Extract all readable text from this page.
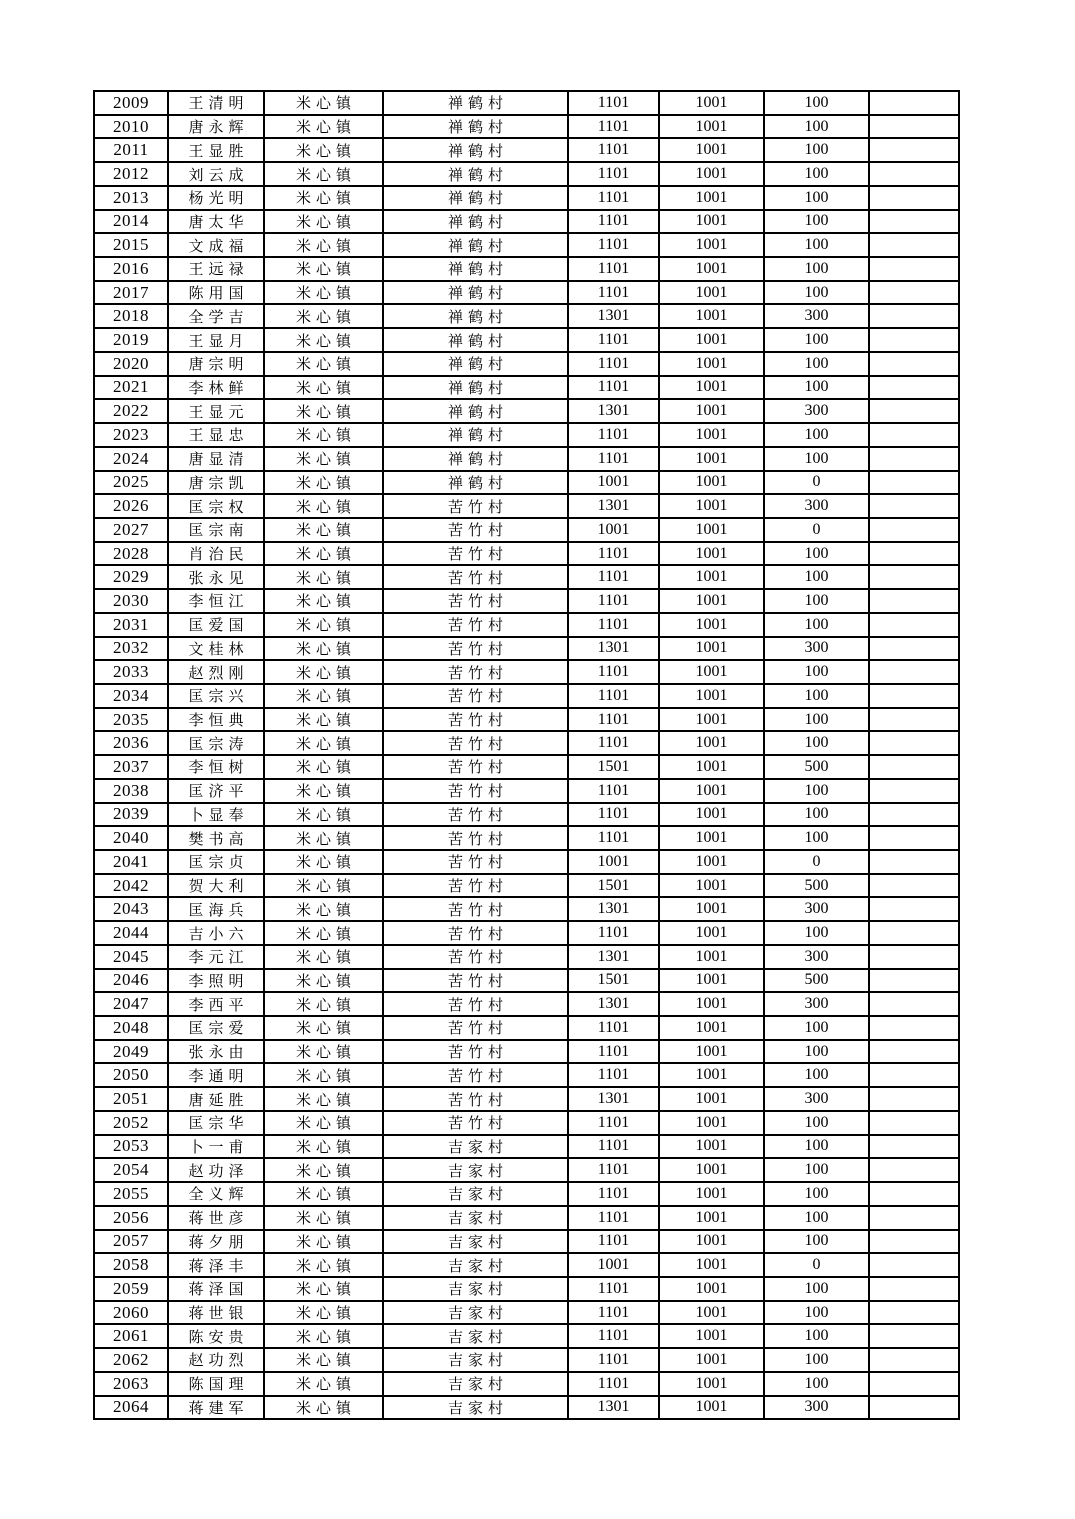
2009	王清明	米心镇	禅鹤村	1101	1001	100	
2010	唐永辉	米心镇	禅鹤村	1101	1001	100	
2011	王显胜	米心镇	禅鹤村	1101	1001	100	
2012	刘云成	米心镇	禅鹤村	1101	1001	100	
2013	杨光明	米心镇	禅鹤村	1101	1001	100	
2014	唐太华	米心镇	禅鹤村	1101	1001	100	
2015	文成福	米心镇	禅鹤村	1101	1001	100	
2016	王远禄	米心镇	禅鹤村	1101	1001	100	
2017	陈用国	米心镇	禅鹤村	1101	1001	100	
2018	全学吉	米心镇	禅鹤村	1301	1001	300	
2019	王显月	米心镇	禅鹤村	1101	1001	100	
2020	唐宗明	米心镇	禅鹤村	1101	1001	100	
2021	李林鲜	米心镇	禅鹤村	1101	1001	100	
2022	王显元	米心镇	禅鹤村	1301	1001	300	
2023	王显忠	米心镇	禅鹤村	1101	1001	100	
2024	唐显清	米心镇	禅鹤村	1101	1001	100	
2025	唐宗凯	米心镇	禅鹤村	1001	1001	0	
2026	匡宗权	米心镇	苦竹村	1301	1001	300	
2027	匡宗南	米心镇	苦竹村	1001	1001	0	
2028	肖治民	米心镇	苦竹村	1101	1001	100	
2029	张永见	米心镇	苦竹村	1101	1001	100	
2030	李恒江	米心镇	苦竹村	1101	1001	100	
2031	匡爱国	米心镇	苦竹村	1101	1001	100	
2032	文桂林	米心镇	苦竹村	1301	1001	300	
2033	赵烈刚	米心镇	苦竹村	1101	1001	100	
2034	匡宗兴	米心镇	苦竹村	1101	1001	100	
2035	李恒典	米心镇	苦竹村	1101	1001	100	
2036	匡宗涛	米心镇	苦竹村	1101	1001	100	
2037	李恒树	米心镇	苦竹村	1501	1001	500	
2038	匡济平	米心镇	苦竹村	1101	1001	100	
2039	卜显奉	米心镇	苦竹村	1101	1001	100	
2040	樊书高	米心镇	苦竹村	1101	1001	100	
2041	匡宗贞	米心镇	苦竹村	1001	1001	0	
2042	贺大利	米心镇	苦竹村	1501	1001	500	
2043	匡海兵	米心镇	苦竹村	1301	1001	300	
2044	吉小六	米心镇	苦竹村	1101	1001	100	
2045	李元江	米心镇	苦竹村	1301	1001	300	
2046	李照明	米心镇	苦竹村	1501	1001	500	
2047	李西平	米心镇	苦竹村	1301	1001	300	
2048	匡宗爱	米心镇	苦竹村	1101	1001	100	
2049	张永由	米心镇	苦竹村	1101	1001	100	
2050	李通明	米心镇	苦竹村	1101	1001	100	
2051	唐延胜	米心镇	苦竹村	1301	1001	300	
2052	匡宗华	米心镇	苦竹村	1101	1001	100	
2053	卜一甫	米心镇	吉家村	1101	1001	100	
2054	赵功泽	米心镇	吉家村	1101	1001	100	
2055	全义辉	米心镇	吉家村	1101	1001	100	
2056	蒋世彦	米心镇	吉家村	1101	1001	100	
2057	蒋夕朋	米心镇	吉家村	1101	1001	100	
2058	蒋泽丰	米心镇	吉家村	1001	1001	0	
2059	蒋泽国	米心镇	吉家村	1101	1001	100	
2060	蒋世银	米心镇	吉家村	1101	1001	100	
2061	陈安贵	米心镇	吉家村	1101	1001	100	
2062	赵功烈	米心镇	吉家村	1101	1001	100	
2063	陈国理	米心镇	吉家村	1101	1001	100	
2064	蒋建军	米心镇	吉家村	1301	1001	300	
